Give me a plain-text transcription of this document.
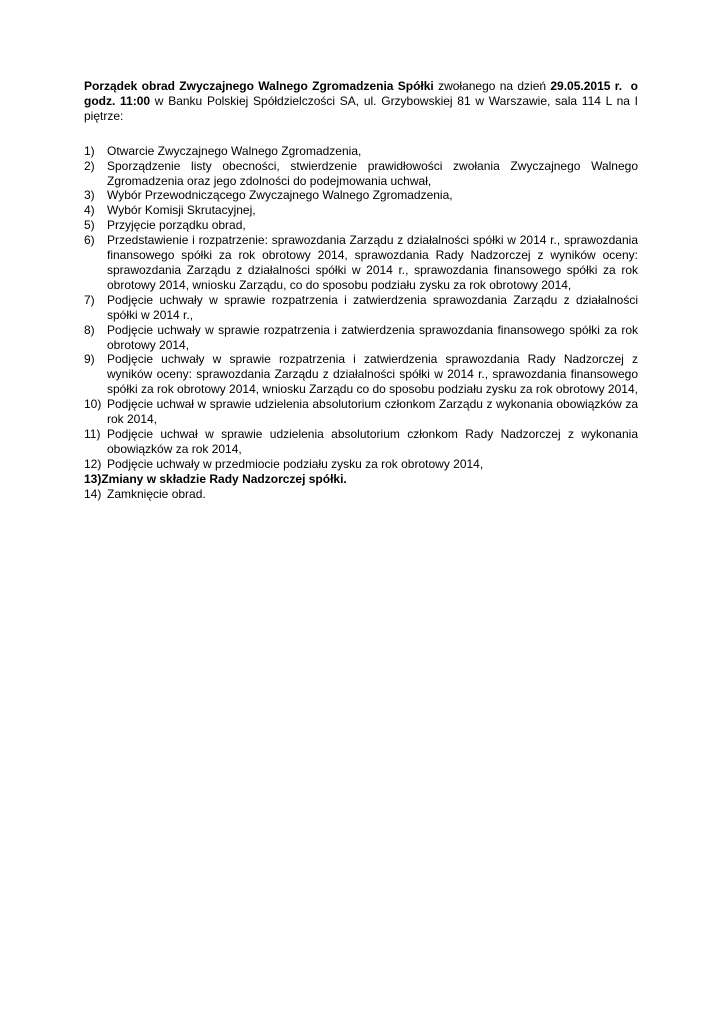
Porządek obrad Zwyczajnego Walnego Zgromadzenia Spółki zwołanego na dzień 29.05.2015 r.  o godz. 11:00 w Banku Polskiej Spółdzielczości SA, ul. Grzybowskiej 81 w Warszawie, sala 114 L na I piętrze:

1) Otwarcie Zwyczajnego Walnego Zgromadzenia,
2) Sporządzenie listy obecności, stwierdzenie prawidłowości zwołania Zwyczajnego Walnego Zgromadzenia oraz jego zdolności do podejmowania uchwał,
3) Wybór Przewodniczącego Zwyczajnego Walnego Zgromadzenia,
4) Wybór Komisji Skrutacyjnej,
5) Przyjęcie porządku obrad,
6) Przedstawienie i rozpatrzenie: sprawozdania Zarządu z działalności spółki w 2014 r., sprawozdania finansowego spółki za rok obrotowy 2014, sprawozdania Rady Nadzorczej z wyników oceny: sprawozdania Zarządu z działalności spółki w 2014 r., sprawozdania finansowego spółki za rok obrotowy 2014, wniosku Zarządu, co do sposobu podziału zysku za rok obrotowy 2014,
7) Podjęcie uchwały w sprawie rozpatrzenia i zatwierdzenia sprawozdania Zarządu z działalności spółki w 2014 r.,
8) Podjęcie uchwały w sprawie rozpatrzenia i zatwierdzenia sprawozdania finansowego spółki za rok obrotowy 2014,
9) Podjęcie uchwały w sprawie rozpatrzenia i zatwierdzenia sprawozdania Rady Nadzorczej z wyników oceny: sprawozdania Zarządu z działalności spółki w 2014 r., sprawozdania finansowego spółki za rok obrotowy 2014, wniosku Zarządu co do sposobu podziału zysku za rok obrotowy 2014,
10) Podjęcie uchwał w sprawie udzielenia absolutorium członkom Zarządu z wykonania obowiązków za rok 2014,
11) Podjęcie uchwał w sprawie udzielenia absolutorium członkom Rady Nadzorczej z wykonania obowiązków za rok 2014,
12) Podjęcie uchwały w przedmiocie podziału zysku za rok obrotowy 2014,
13)Zmiany w składzie Rady Nadzorczej spółki.
14) Zamknięcie obrad.
